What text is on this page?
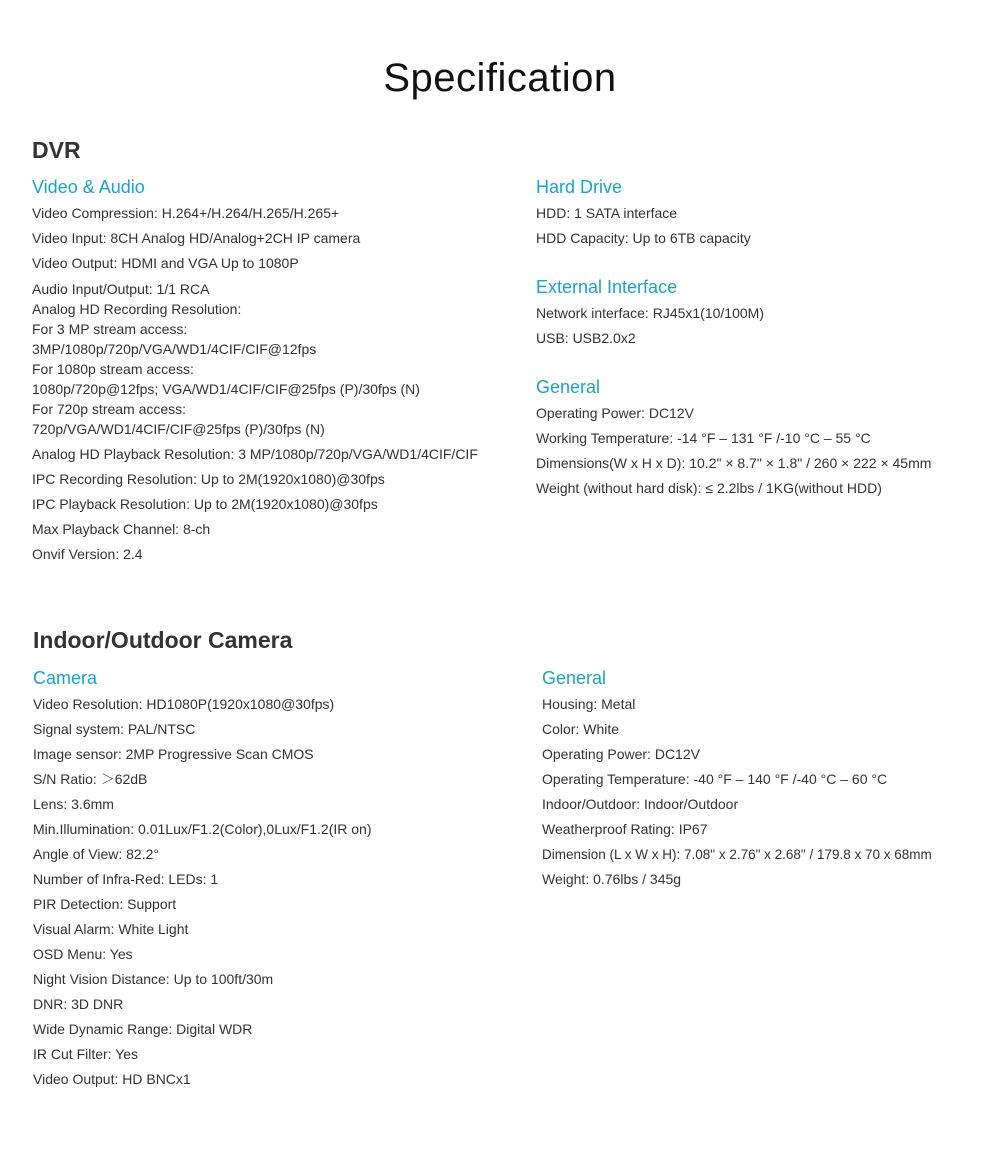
Specification
DVR
Video & Audio
Video Compression: H.264+/H.264/H.265/H.265+
Video Input: 8CH Analog HD/Analog+2CH IP camera
Video Output: HDMI and VGA Up to 1080P
Audio Input/Output: 1/1 RCA
Analog HD Recording Resolution:
For 3 MP stream access:
3MP/1080p/720p/VGA/WD1/4CIF/CIF@12fps
For 1080p stream access:
1080p/720p@12fps; VGA/WD1/4CIF/CIF@25fps (P)/30fps (N)
For 720p stream access:
720p/VGA/WD1/4CIF/CIF@25fps (P)/30fps (N)
Analog HD Playback Resolution: 3 MP/1080p/720p/VGA/WD1/4CIF/CIF
IPC Recording Resolution: Up to 2M(1920x1080)@30fps
IPC Playback Resolution: Up to 2M(1920x1080)@30fps
Max Playback Channel: 8-ch
Onvif Version: 2.4
Hard Drive
HDD: 1 SATA interface
HDD Capacity: Up to 6TB capacity
External Interface
Network interface: RJ45x1(10/100M)
USB: USB2.0x2
General
Operating Power: DC12V
Working Temperature: -14 °F – 131 °F /-10 °C – 55 °C
Dimensions(W x H x D): 10.2" × 8.7" × 1.8" / 260 × 222 × 45mm
Weight (without hard disk): ≤ 2.2lbs / 1KG(without HDD)
Indoor/Outdoor Camera
Camera
Video Resolution: HD1080P(1920x1080@30fps)
Signal system: PAL/NTSC
Image sensor: 2MP Progressive Scan CMOS
S/N Ratio: ＞62dB
Lens: 3.6mm
Min.Illumination: 0.01Lux/F1.2(Color),0Lux/F1.2(IR on)
Angle of View: 82.2°
Number of Infra-Red: LEDs: 1
PIR Detection: Support
Visual Alarm: White Light
OSD Menu: Yes
Night Vision Distance: Up to 100ft/30m
DNR: 3D DNR
Wide Dynamic Range: Digital WDR
IR Cut Filter: Yes
Video Output: HD BNCx1
General
Housing: Metal
Color: White
Operating Power: DC12V
Operating Temperature: -40 °F – 140 °F /-40 °C – 60 °C
Indoor/Outdoor: Indoor/Outdoor
Weatherproof Rating: IP67
Dimension (L x W x H): 7.08" x 2.76" x 2.68" / 179.8 x 70 x 68mm
Weight: 0.76lbs / 345g
